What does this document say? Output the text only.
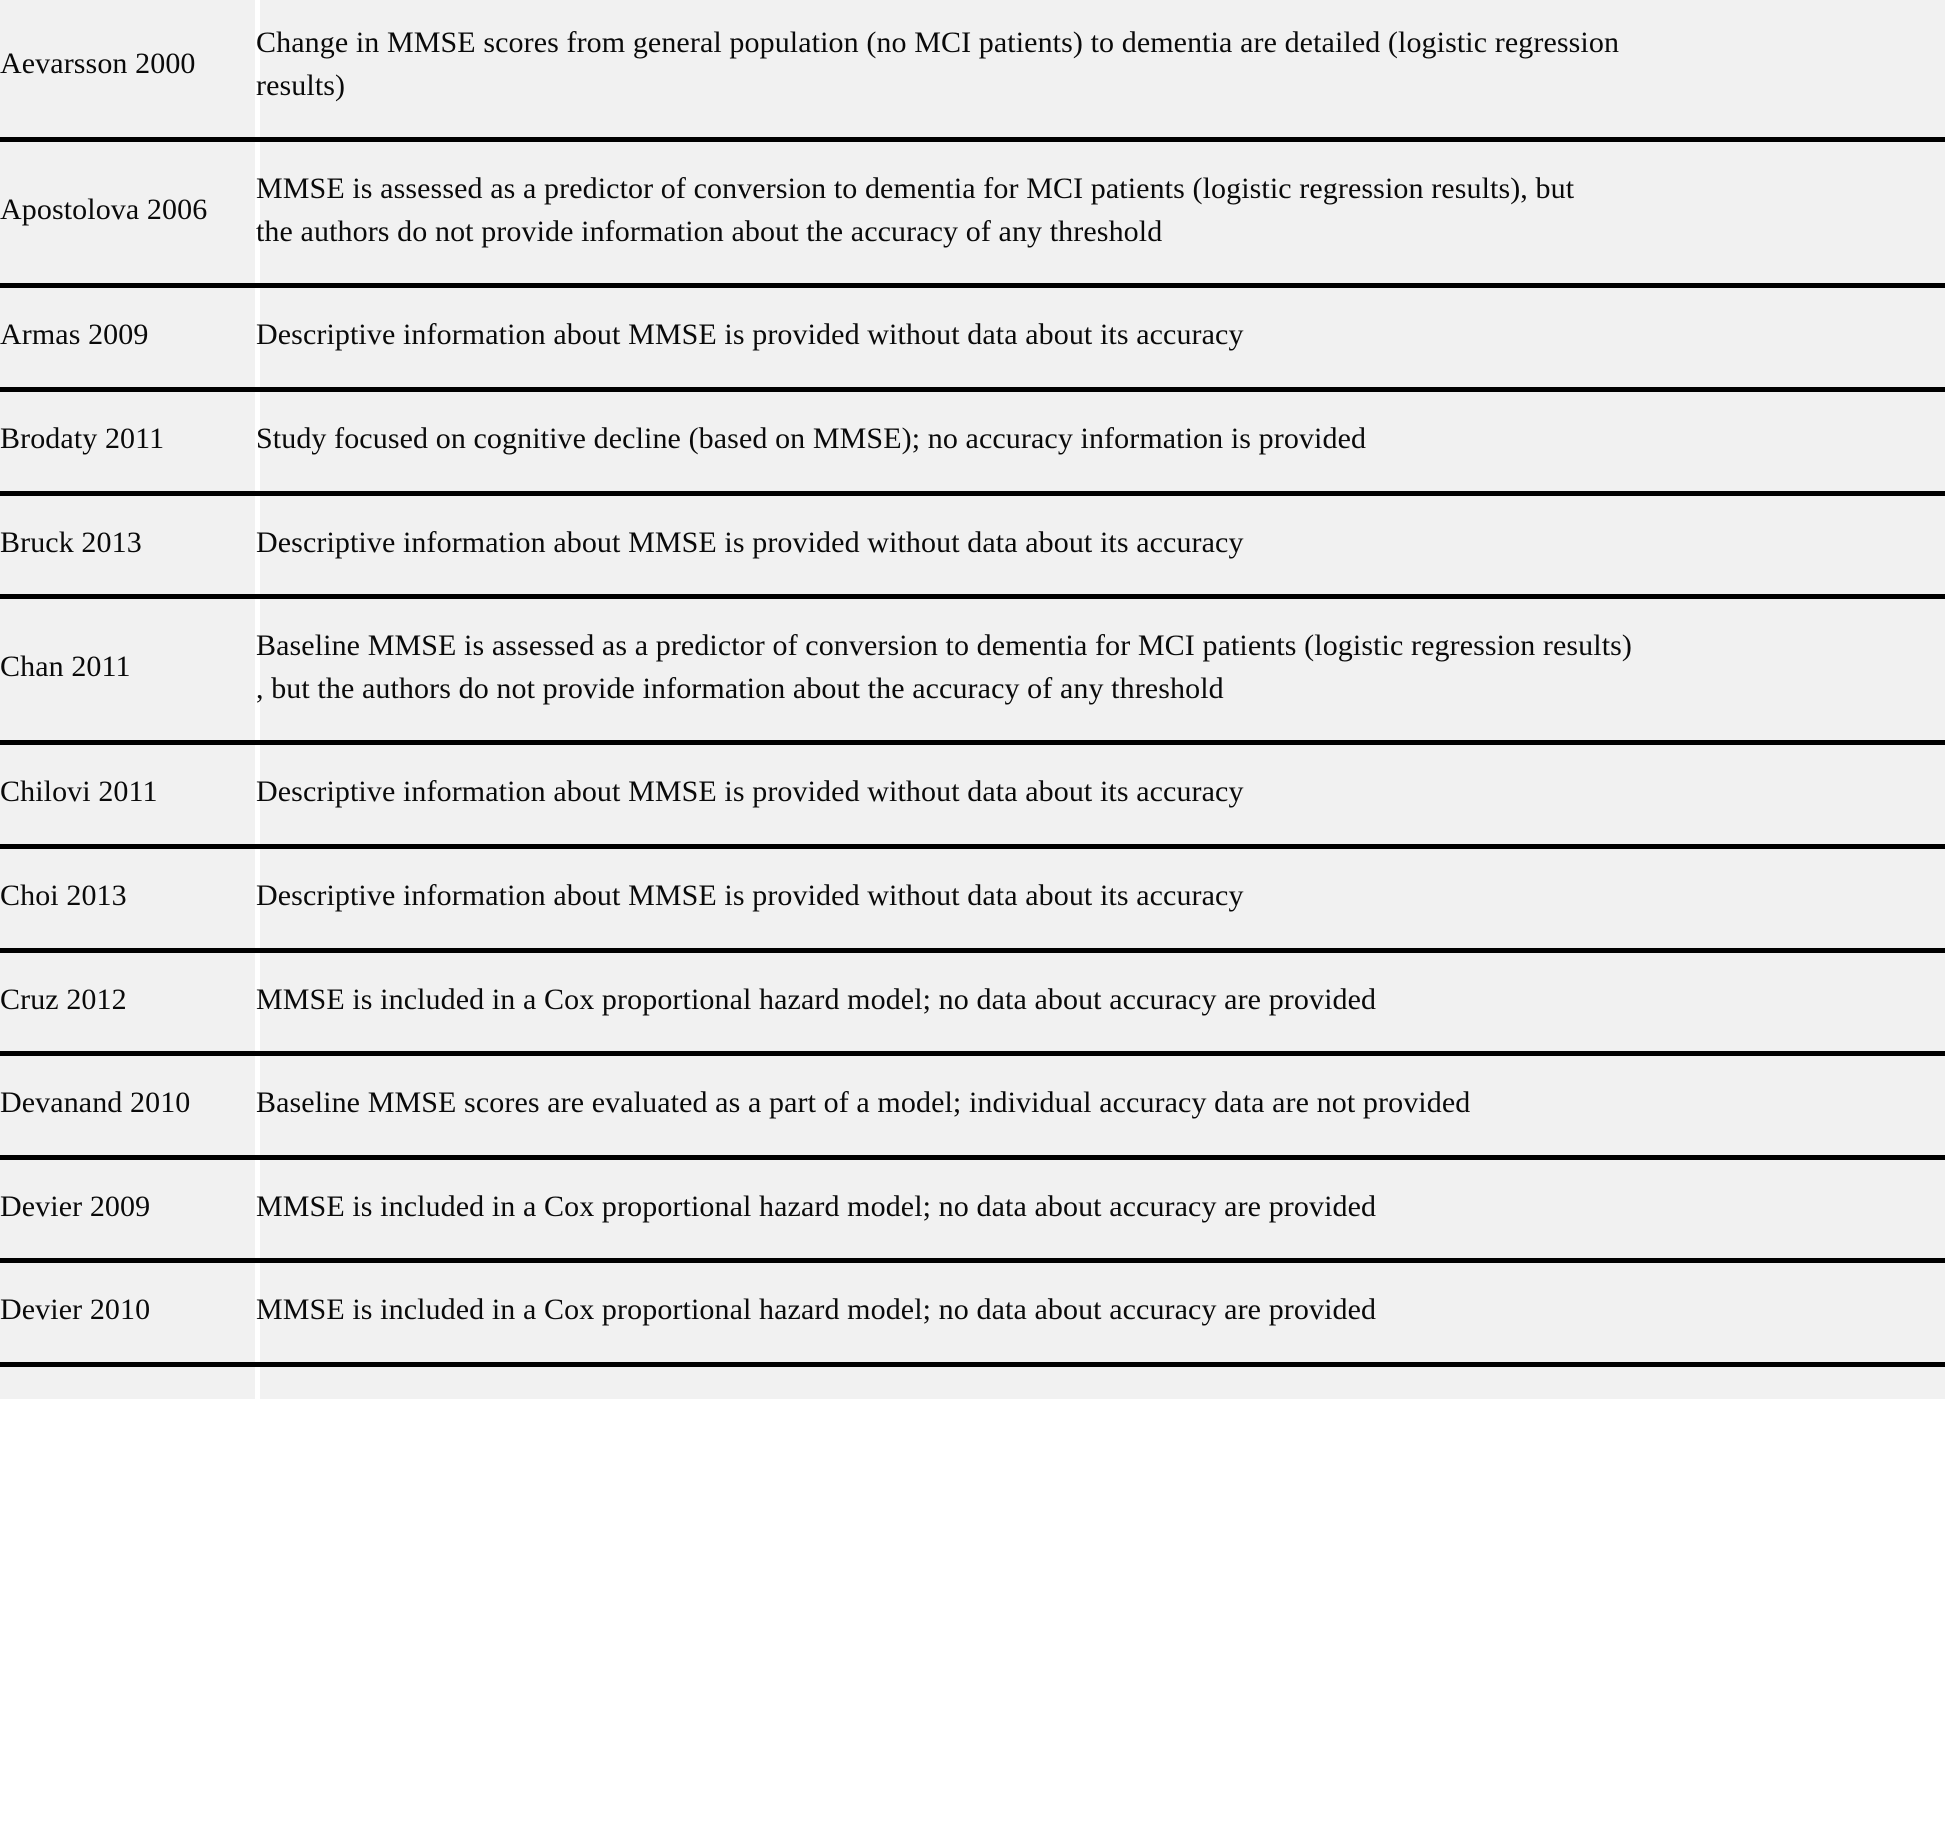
Aevarsson 2000	Change in MMSE scores from general population (no MCI patients) to dementia are detailed (logistic regression
results)

Apostolova 2006	MMSE is assessed as a predictor of conversion to dementia for MCI patients (logistic regression results), but
the authors do not provide information about the accuracy of any threshold

Armas 2009	Descriptive information about MMSE is provided without data about its accuracy

Brodaty 2011	Study focused on cognitive decline (based on MMSE); no accuracy information is provided

Bruck 2013	Descriptive information about MMSE is provided without data about its accuracy

Chan 2011	Baseline MMSE is assessed as a predictor of conversion to dementia for MCI patients (logistic regression results)
, but the authors do not provide information about the accuracy of any threshold

Chilovi 2011	Descriptive information about MMSE is provided without data about its accuracy

Choi 2013	Descriptive information about MMSE is provided without data about its accuracy

Cruz 2012	MMSE is included in a Cox proportional hazard model; no data about accuracy are provided

Devanand 2010	Baseline MMSE scores are evaluated as a part of a model; individual accuracy data are not provided

Devier 2009	MMSE is included in a Cox proportional hazard model; no data about accuracy are provided

Devier 2010	MMSE is included in a Cox proportional hazard model; no data about accuracy are provided
